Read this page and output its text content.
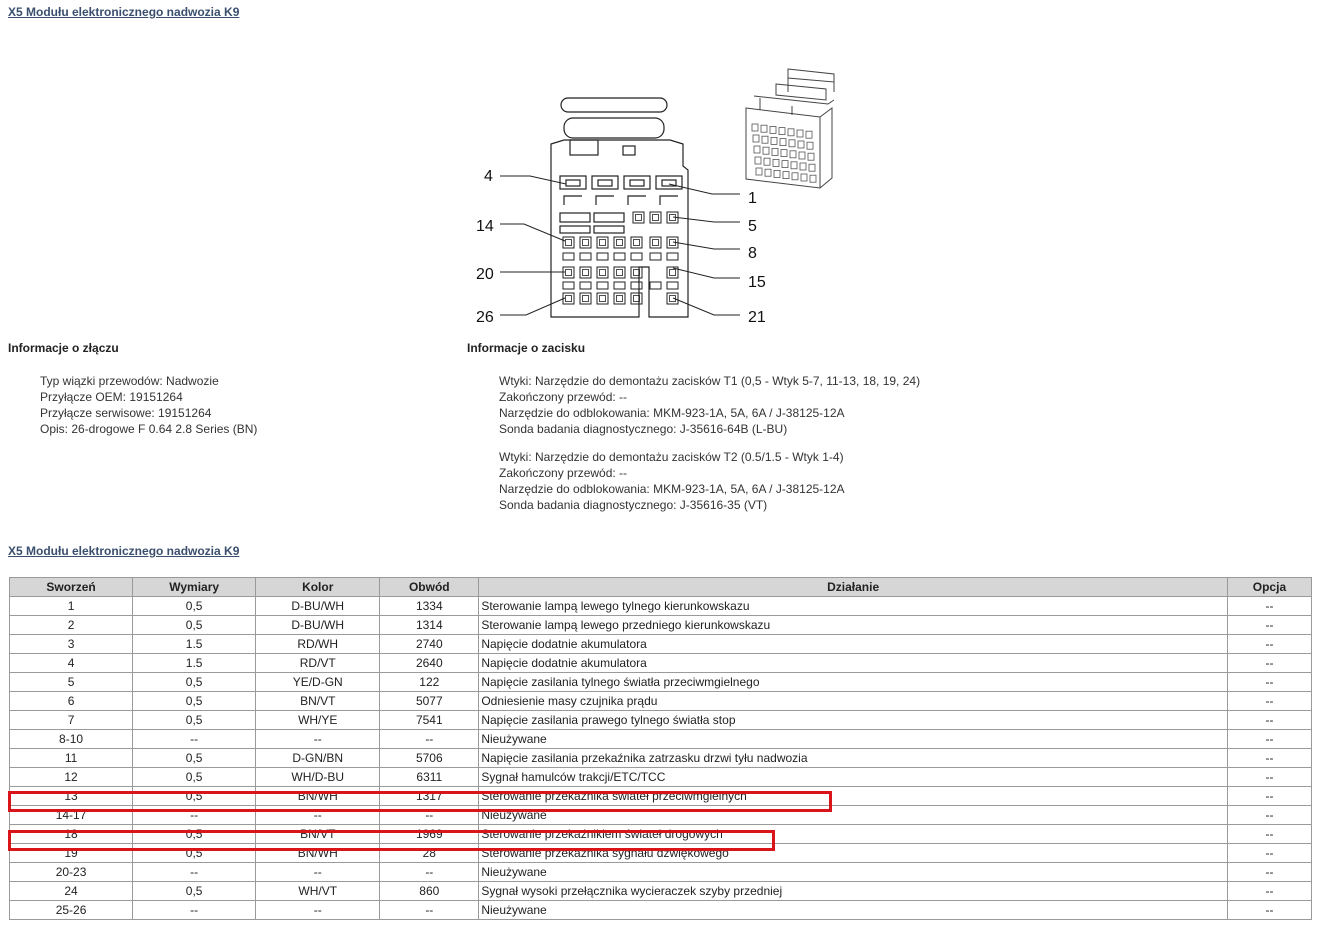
X5 Modułu elektronicznego nadwozia K9
4
1
14	5
8
20	15
26	21
Informacje o złączu
Typ wiązki przewodów: Nadwozie
Przyłącze OEM: 19151264
Przyłącze serwisowe: 19151264
Opis: 26-drogowe F 0.64 2.8 Series (BN)
Informacje o zacisku
Wtyki: Narzędzie do demontażu zacisków T1 (0,5 - Wtyk 5-7, 11-13, 18, 19, 24)
Zakończony przewód: --
Narzędzie do odblokowania: MKM-923-1A, 5A, 6A / J-38125-12A
Sonda badania diagnostycznego: J-35616-64B (L-BU)
Wtyki: Narzędzie do demontażu zacisków T2 (0.5/1.5 - Wtyk 1-4)
Zakończony przewód: --
Narzędzie do odblokowania: MKM-923-1A, 5A, 6A / J-38125-12A
Sonda badania diagnostycznego: J-35616-35 (VT)
X5 Modułu elektronicznego nadwozia K9
Sworzeń	Wymiary	Kolor	Obwód	Działanie	Opcja
1	0,5	D-BU/WH	1334	Sterowanie lampą lewego tylnego kierunkowskazu	--
2	0,5	D-BU/WH	1314	Sterowanie lampą lewego przedniego kierunkowskazu	--
3	1.5	RD/WH	2740	Napięcie dodatnie akumulatora	--
4	1.5	RD/VT	2640	Napięcie dodatnie akumulatora	--
5	0,5	YE/D-GN	122	Napięcie zasilania tylnego światła przeciwmgielnego	--
6	0,5	BN/VT	5077	Odniesienie masy czujnika prądu	--
7	0,5	WH/YE	7541	Napięcie zasilania prawego tylnego światła stop	--
8-10	--	--	--	Nieużywane	--
11	0,5	D-GN/BN	5706	Napięcie zasilania przekaźnika zatrzasku drzwi tyłu nadwozia	--
12	0,5	WH/D-BU	6311	Sygnał hamulców trakcji/ETC/TCC	--
13	0,5	BN/WH	1317	Sterowanie przekaźnika świateł przeciwmgielnych	--
14-17	--	--	--	Nieużywane	--
18	0,5	BN/VT	1969	Sterowanie przekaźnikiem świateł drogowych	--
19	0,5	BN/WH	28	Sterowanie przekaźnika sygnału dźwiękowego	--
20-23	--	--	--	Nieużywane	--
24	0,5	WH/VT	860	Sygnał wysoki przełącznika wycieraczek szyby przedniej	--
25-26	--	--	--	Nieużywane	--
